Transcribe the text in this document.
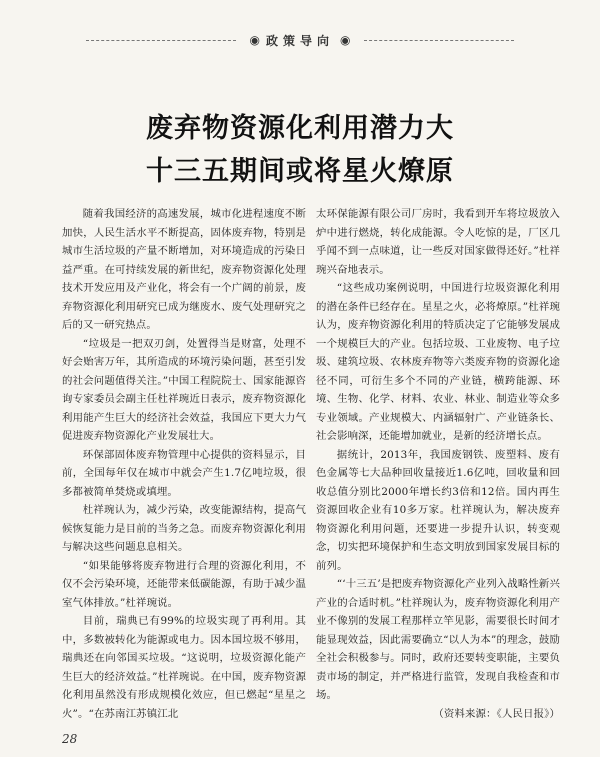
◉ 政策导向 ◉
废弃物资源化利用潜力大
十三五期间或将星火燎原

随着我国经济的高速发展，城市化进程速度不断加快，人民生活水平不断提高，固体废弃物，特别是城市生活垃圾的产量不断增加，对环境造成的污染日益严重。在可持续发展的新世纪，废弃物资源化处理技术开发应用及产业化，将会有一个广阔的前景，废弃物资源化利用研究已成为继废水、废气处理研究之后的又一研究热点。

“垃圾是一把双刃剑，处置得当是财富，处理不好会贻害万年，其所造成的环境污染问题，甚至引发的社会问题值得关注。”中国工程院院士、国家能源咨询专家委员会副主任杜祥琬近日表示，废弃物资源化利用能产生巨大的经济社会效益，我国应下更大力气促进废弃物资源化产业发展壮大。

环保部固体废弃物管理中心提供的资料显示，目前，全国每年仅在城市中就会产生1.7亿吨垃圾，很多都被简单焚烧或填埋。

杜祥琬认为，减少污染，改变能源结构，提高气候恢复能力是目前的当务之急。而废弃物资源化利用与解决这些问题息息相关。

“如果能够将废弃物进行合理的资源化利用，不仅不会污染环境，还能带来低碳能源，有助于减少温室气体排放。”杜祥琬说。

目前，瑞典已有99%的垃圾实现了再利用。其中，多数被转化为能源或电力。因本国垃圾不够用，瑞典还在向邻国买垃圾。“这说明，垃圾资源化能产生巨大的经济效益。”杜祥琬说。在中国，废弃物资源化利用虽然没有形成规模化效应，但已燃起“星星之火”。“在苏南江苏镇江北

太环保能源有限公司厂房时，我看到开车将垃圾放入炉中进行燃烧，转化成能源。令人吃惊的是，厂区几乎闻不到一点味道，让一些反对国家做得还好。”杜祥琬兴奋地表示。

“这些成功案例说明，中国进行垃圾资源化利用的潜在条件已经存在。星星之火，必将燎原。”杜祥琬认为，废弃物资源化利用的特质决定了它能够发展成一个规模巨大的产业。包括垃圾、工业废物、电子垃圾、建筑垃圾、农林废弃物等六类废弃物的资源化途径不同，可衍生多个不同的产业链，横跨能源、环境、生物、化学、材料、农业、林业、制造业等众多专业领域。产业规模大、内涵辐射广、产业链条长、社会影响深，还能增加就业，是新的经济增长点。

据统计，2013年，我国废钢铁、废塑料、废有色金属等七大品种回收量接近1.6亿吨，回收量和回收总值分别比2000年增长约3倍和12倍。国内再生资源回收企业有10多万家。杜祥琬认为，解决废弃物资源化利用问题，还要进一步提升认识，转变观念，切实把环境保护和生态文明放到国家发展目标的前列。

“‘十三五’是把废弃物资源化产业列入战略性新兴产业的合适时机。”杜祥琬认为，废弃物资源化利用产业不像别的发展工程那样立竿见影，需要很长时间才能显现效益，因此需要确立“以人为本”的理念，鼓励全社会积极参与。同时，政府还要转变职能，主要负责市场的制定，并严格进行监管，发现自我检查和市场。

（资料来源：《人民日报》）

28
